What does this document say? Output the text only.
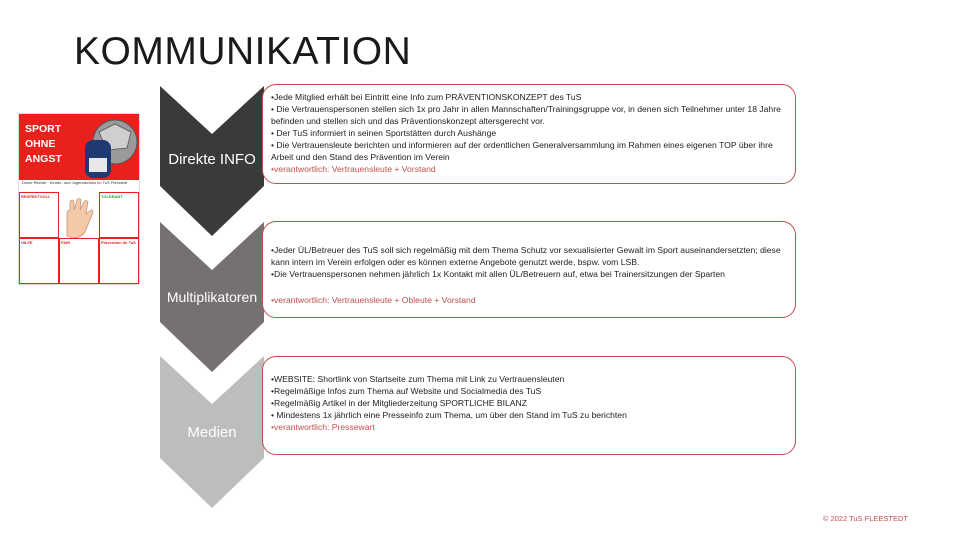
KOMMUNIKATION
SPORT
OHNE
ANGST
Deine Rechte · Kinder- und Jugendschutz im TuS Fleestedt
RESPEKTVOLL	TOLERANT
HILFE	FAIR	Prävention im TuS
Direkte INFO
Multiplikatoren
Medien

•Jede Mitglied erhält bei Eintritt eine Info zum PRÄVENTIONSKONZEPT des TuS

• Die Vertrauenspersonen stellen sich 1x pro Jahr in allen Mannschaften/Trainingsgruppe vor, in denen sich Teilnehmer unter 18 Jahre befinden und stellen sich und das Präventionskonzept altersgerecht vor.

• Der TuS informiert in seinen Sportstätten durch Aushänge

• Die Vertrauensleute berichten und informieren auf der ordentlichen Generalversammlung im Rahmen eines eigenen TOP über ihre Arbeit und den Stand des Prävention im Verein

•verantwortlich: Vertrauensleute + Vorstand

•Jeder ÜL/Betreuer des TuS soll sich regelmäßig mit dem Thema Schutz vor sexualisierter Gewalt im Sport auseinandersetzten; diese kann intern im Verein erfolgen oder es können externe Angebote genutzt werde, bspw. vom LSB.

•Die Vertrauenspersonen nehmen jährlich 1x Kontakt mit allen ÜL/Betreuern auf, etwa bei Trainersitzungen der Sparten

•verantwortlich: Vertrauensleute + Obleute + Vorstand

•WEBSITE: Shortlink von Startseite zum Thema mit Link zu Vertrauensleuten

•Regelmäßige Infos zum Thema auf Website und Socialmedia des TuS

•Regelmäßig Artikel in der Mitgliederzeitung SPORTLICHE BILANZ

• Mindestens 1x jährlich eine Presseinfo zum Thema, um über den Stand im TuS zu berichten

•verantwortlich: Pressewart

© 2022 TuS FLEESTEDT
